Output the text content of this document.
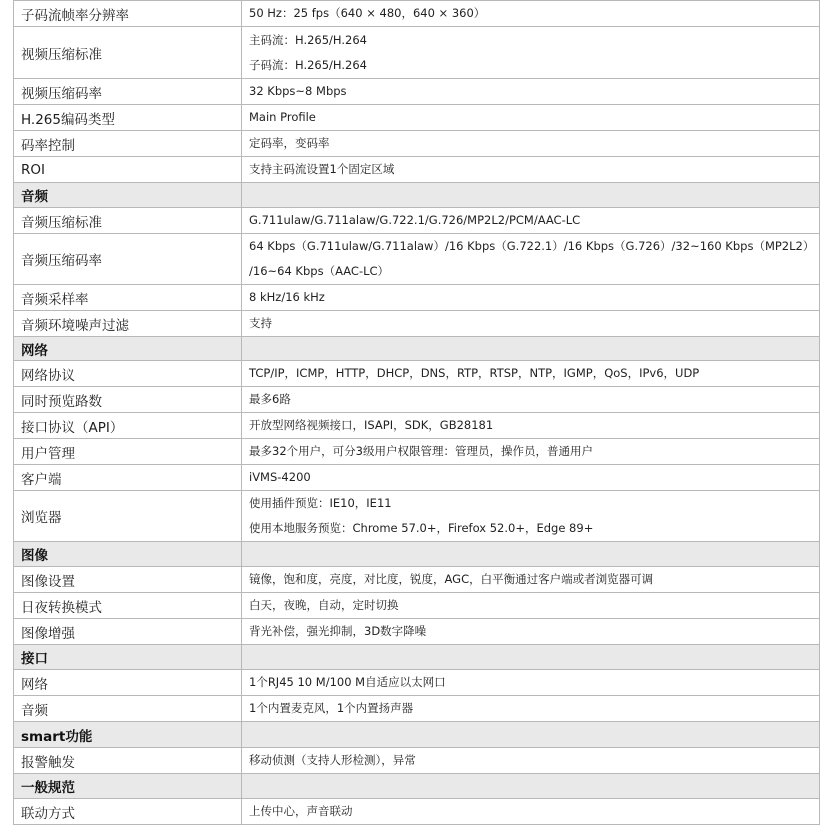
子码流帧率分辨率	50 Hz：25 fps（640 × 480，640 × 360）

视频压缩标准	主码流：H.265/H.264
子码流：H.265/H.264

视频压缩码率	32 Kbps~8 Mbps

H.265编码类型	Main Profile

码率控制	定码率，变码率

ROI	支持主码流设置1个固定区域

音频	
音频压缩标准	G.711ulaw/G.711alaw/G.722.1/G.726/MP2L2/PCM/AAC-LC

音频压缩码率	64 Kbps（G.711ulaw/G.711alaw）/16 Kbps（G.722.1）/16 Kbps（G.726）/32~160 Kbps（MP2L2）
/16~64 Kbps（AAC-LC）

音频采样率	8 kHz/16 kHz

音频环境噪声过滤	支持

网络	
网络协议	TCP/IP，ICMP，HTTP，DHCP，DNS，RTP，RTSP，NTP，IGMP，QoS，IPv6，UDP

同时预览路数	最多6路

接口协议（API）	开放型网络视频接口，ISAPI，SDK，GB28181

用户管理	最多32个用户，可分3级用户权限管理：管理员，操作员，普通用户

客户端	iVMS-4200

浏览器	使用插件预览：IE10，IE11
使用本地服务预览：Chrome 57.0+，Firefox 52.0+，Edge 89+

图像	
图像设置	镜像，饱和度，亮度，对比度，锐度，AGC，白平衡通过客户端或者浏览器可调

日夜转换模式	白天，夜晚，自动，定时切换

图像增强	背光补偿，强光抑制，3D数字降噪

接口	
网络	1个RJ45 10 M/100 M自适应以太网口

音频	1个内置麦克风，1个内置扬声器

smart功能	
报警触发	移动侦测（支持人形检测），异常

一般规范	
联动方式	上传中心，声音联动
